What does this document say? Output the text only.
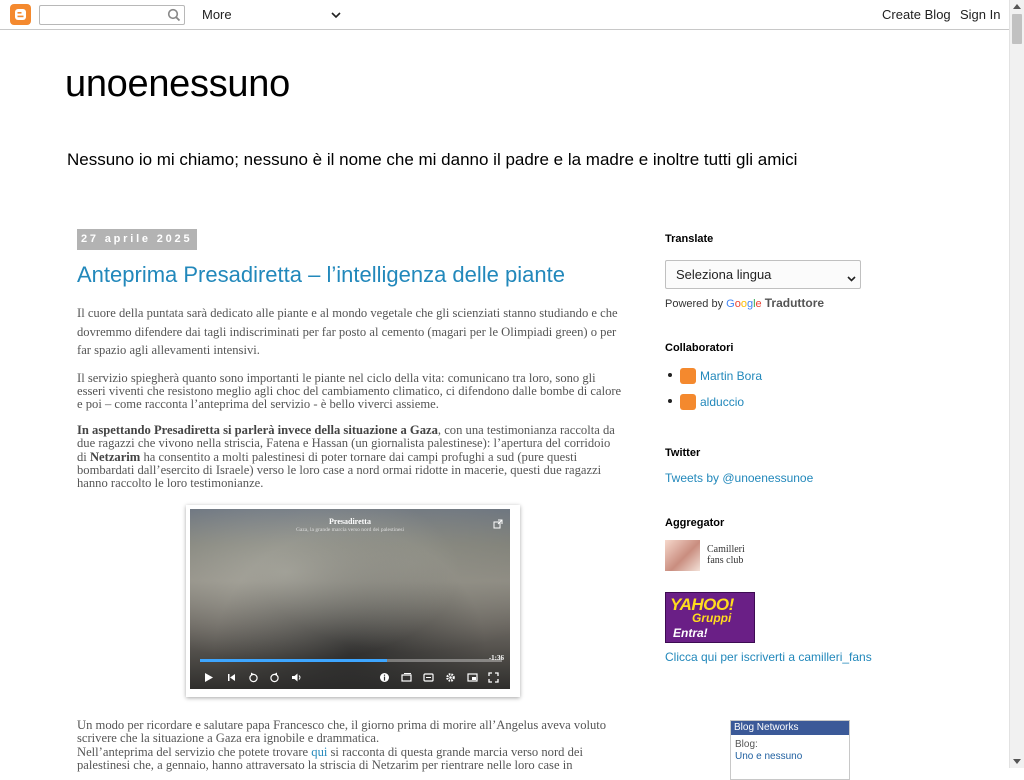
More	Create Blog Sign In
unoenessuno
Nessuno io mi chiamo; nessuno è il nome che mi danno il padre e la madre e inoltre tutti gli amici
27 aprile 2025
Anteprima Presadiretta – l’intelligenza delle piante

Il cuore della puntata sarà dedicato alle piante e al mondo vegetale che gli scienziati stanno studiando e che dovremmo difendere dai tagli indiscriminati per far posto al cemento (magari per le Olimpiadi green) o per far spazio agli allevamenti intensivi.

Il servizio spiegherà quanto sono importanti le piante nel ciclo della vita: comunicano tra loro, sono gli esseri viventi che resistono meglio agli choc del cambiamento climatico, ci difendono dalle bombe di calore e poi – come racconta l’anteprima del servizio - è bello viverci assieme.

In aspettando Presadiretta si parlerà invece della situazione a Gaza, con una testimonianza raccolta da due ragazzi che vivono nella striscia, Fatena e Hassan (un giornalista palestinese): l’apertura del corridoio di Netzarim ha consentito a molti palestinesi di poter tornare dai campi profughi a sud (pure questi bombardati dall’esercito di Israele) verso le loro case a nord ormai ridotte in macerie, questi due ragazzi hanno raccolto le loro testimonianze.

Presadiretta
Gaza, la grande marcia verso nord dei palestinesi
-1:36

Un modo per ricordare e salutare papa Francesco che, il giorno prima di morire all’Angelus aveva voluto scrivere che la situazione a Gaza era ignobile e drammatica.

Nell’anteprima del servizio che potete trovare qui si racconta di questa grande marcia verso nord dei palestinesi che, a gennaio, hanno attraversato la striscia di Netzarim per rientrare nelle loro case in

Translate
Seleziona lingua
Powered by Google Traduttore
Collaboratori
Martin Bora
alduccio
Twitter
Tweets by @unoenessunoe
Aggregator
Camilleri
fans club
YAHOO!
Gruppi
Entra!
Clicca qui per iscriverti a camilleri_fans
Blog Networks
Blog:
Uno e nessuno
